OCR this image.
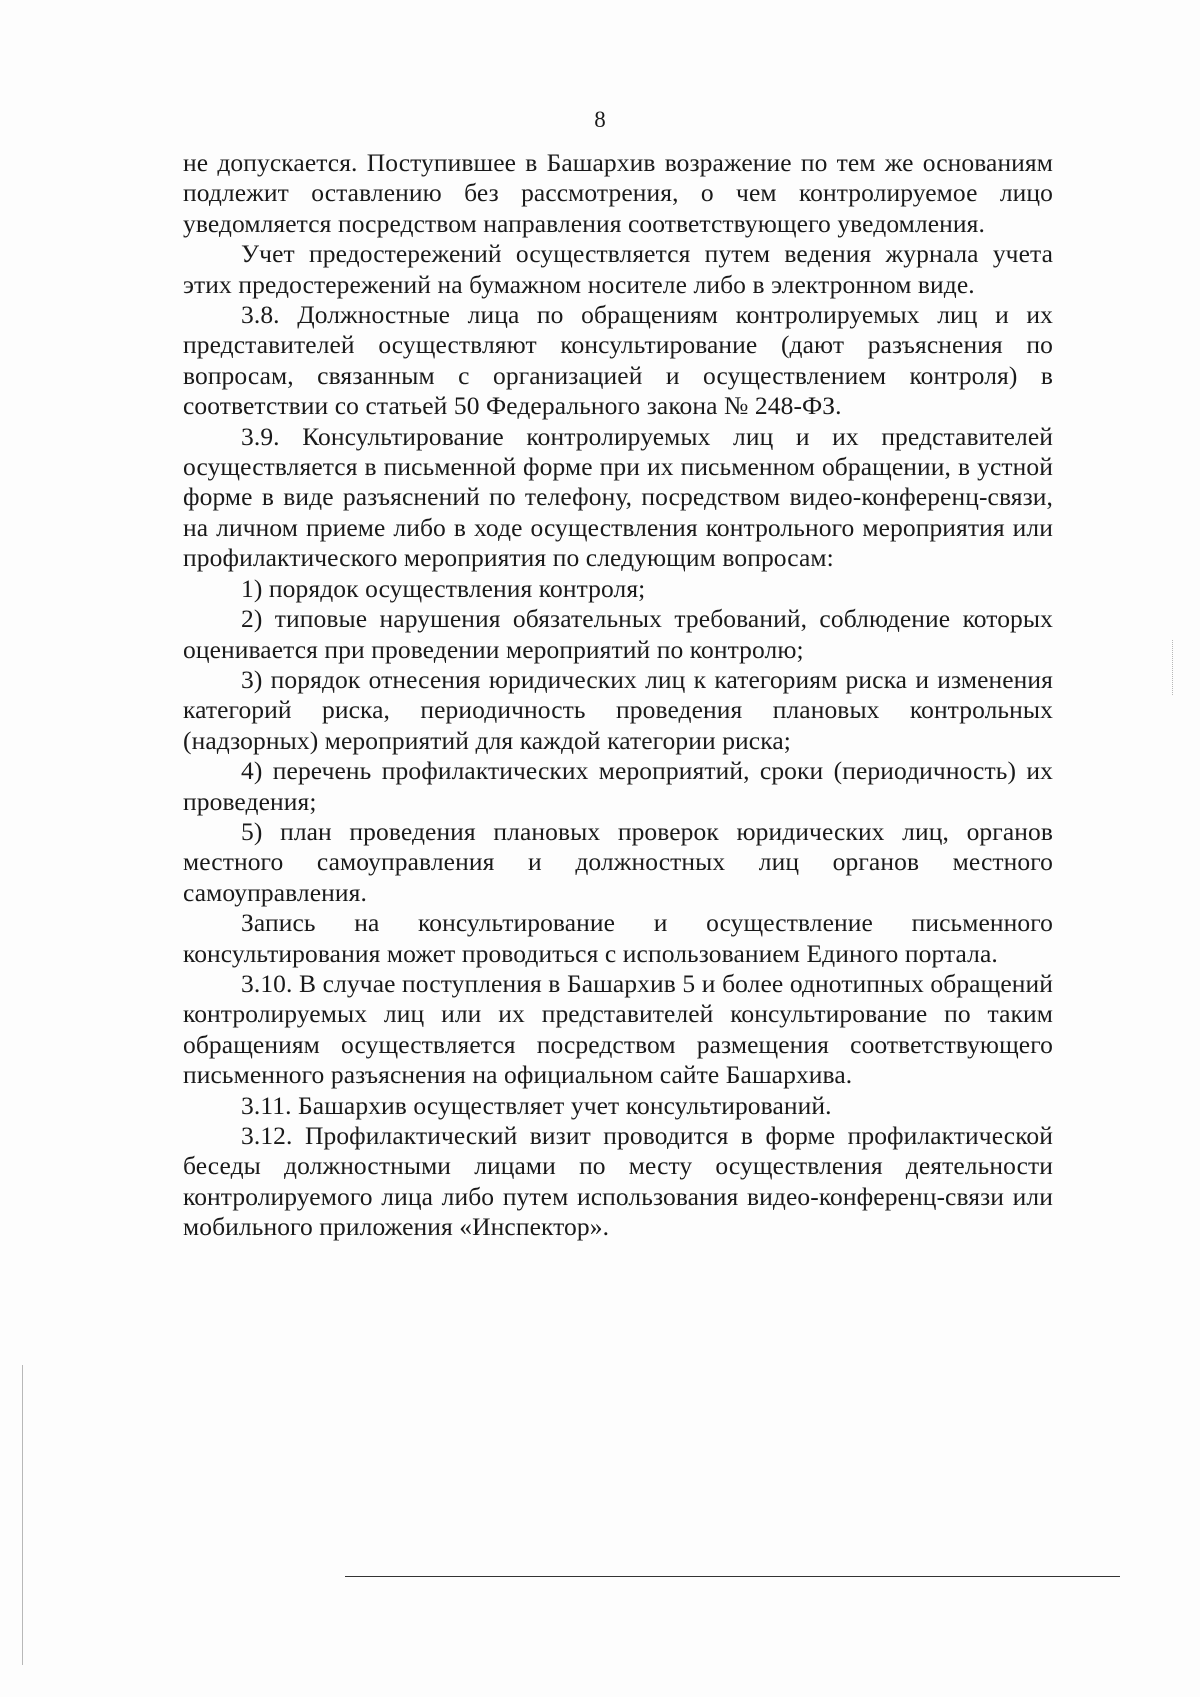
8

не допускается. Поступившее в Башархив возражение по тем же основаниям подлежит оставлению без рассмотрения, о чем контролируемое лицо уведомляется посредством направления соответствующего уведомления.

Учет предостережений осуществляется путем ведения журнала учета этих предостережений на бумажном носителе либо в электронном виде.

3.8. Должностные лица по обращениям контролируемых лиц и их представителей осуществляют консультирование (дают разъяснения по вопросам, связанным с организацией и осуществлением контроля) в соответствии со статьей 50 Федерального закона № 248-ФЗ.

3.9. Консультирование контролируемых лиц и их представителей осуществляется в письменной форме при их письменном обращении, в устной форме в виде разъяснений по телефону, посредством видео-конференц-связи, на личном приеме либо в ходе осуществления контрольного мероприятия или профилактического мероприятия по следующим вопросам:

1) порядок осуществления контроля;

2) типовые нарушения обязательных требований, соблюдение которых оценивается при проведении мероприятий по контролю;

3) порядок отнесения юридических лиц к категориям риска и изменения категорий риска, периодичность проведения плановых контрольных (надзорных) мероприятий для каждой категории риска;

4) перечень профилактических мероприятий, сроки (периодичность) их проведения;

5) план проведения плановых проверок юридических лиц, органов местного самоуправления и должностных лиц органов местного самоуправления.

Запись на консультирование и осуществление письменного консультирования может проводиться с использованием Единого портала.

3.10. В случае поступления в Башархив 5 и более однотипных обращений контролируемых лиц или их представителей консультирование по таким обращениям осуществляется посредством размещения соответствующего письменного разъяснения на официальном сайте Башархива.

3.11. Башархив осуществляет учет консультирований.

3.12. Профилактический визит проводится в форме профилактической беседы должностными лицами по месту осуществления деятельности контролируемого лица либо путем использования видео-конференц-связи или мобильного приложения «Инспектор».
